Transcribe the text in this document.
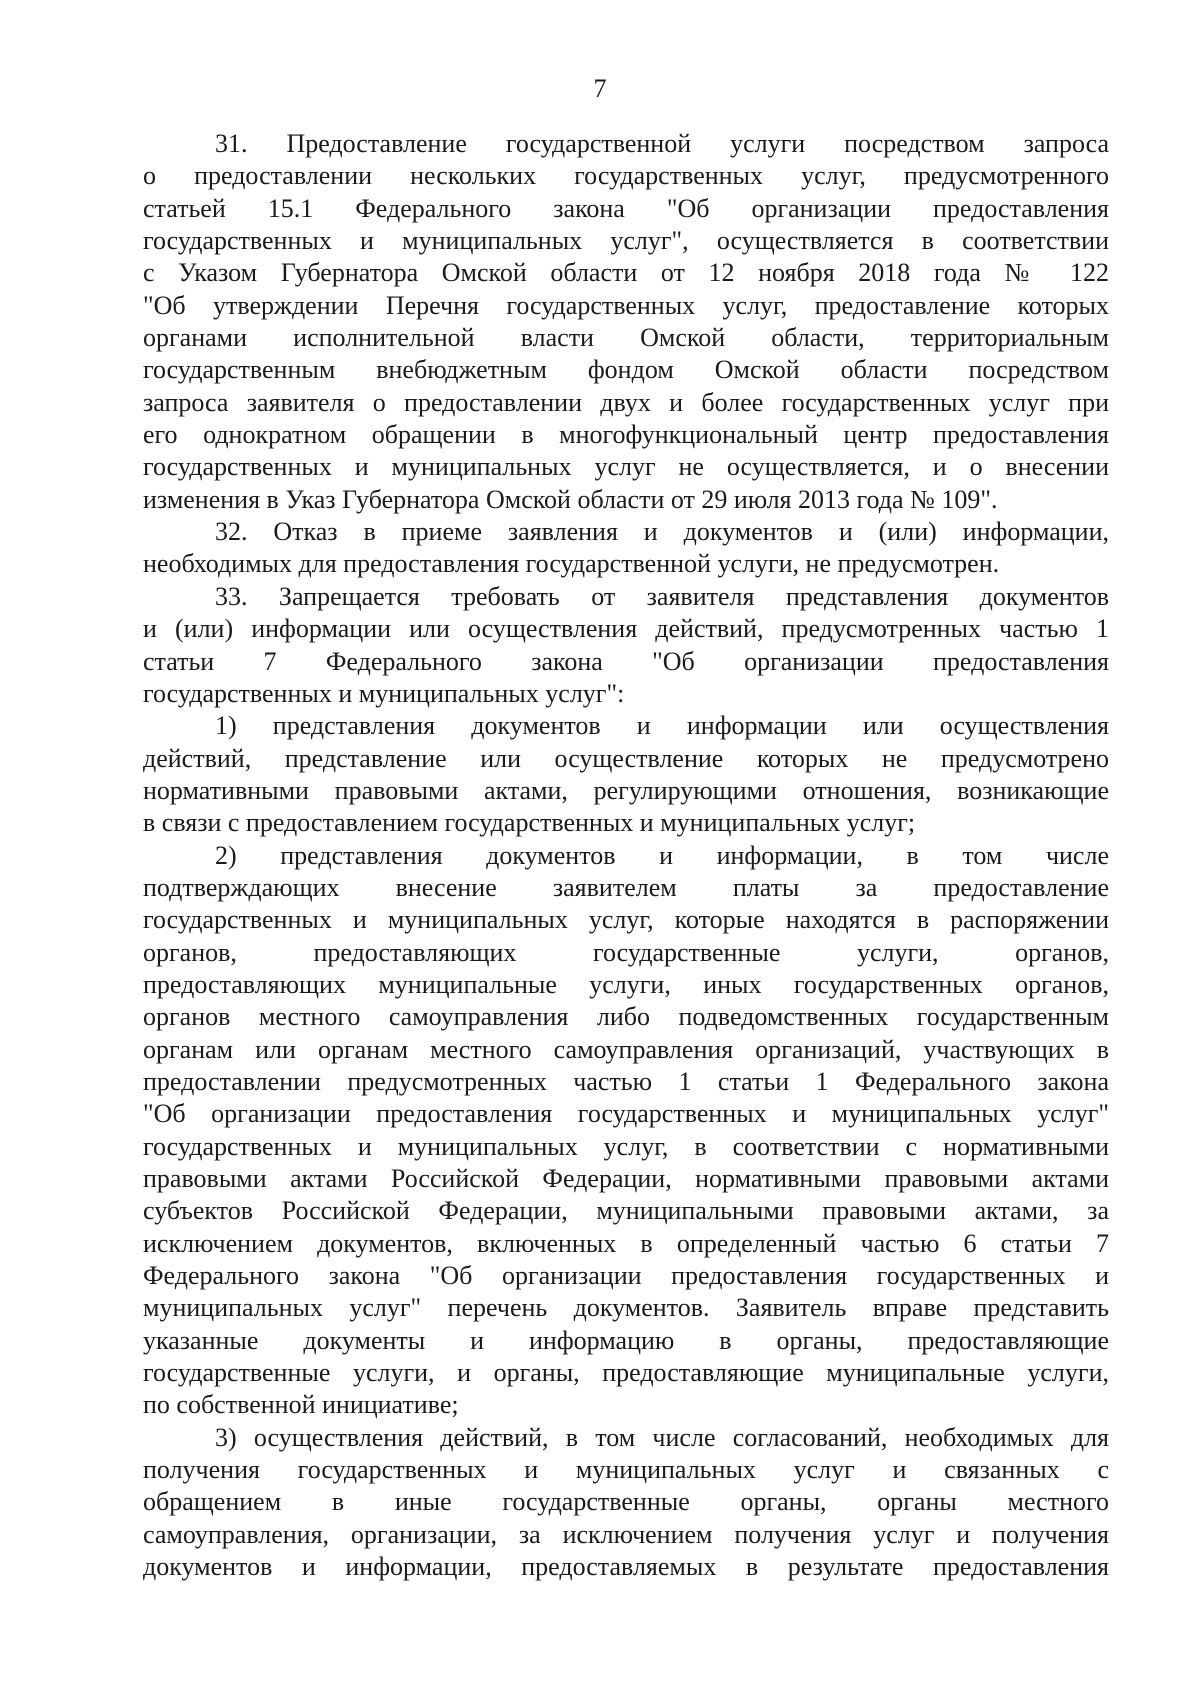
7
31. Предоставление государственной услуги посредством запроса
о предоставлении нескольких государственных услуг, предусмотренного
статьей 15.1 Федерального закона "Об организации предоставления
государственных и муниципальных услуг", осуществляется в соответствии
с Указом Губернатора Омской области от 12 ноября 2018 года № 122
"Об утверждении Перечня государственных услуг, предоставление которых
органами исполнительной власти Омской области, территориальным
государственным внебюджетным фондом Омской области посредством
запроса заявителя о предоставлении двух и более государственных услуг при
его однократном обращении в многофункциональный центр предоставления
государственных и муниципальных услуг не осуществляется, и о внесении
изменения в Указ Губернатора Омской области от 29 июля 2013 года № 109".
32. Отказ в приеме заявления и документов и (или) информации,
необходимых для предоставления государственной услуги, не предусмотрен.
33. Запрещается требовать от заявителя представления документов
и (или) информации или осуществления действий, предусмотренных частью 1
статьи 7 Федерального закона "Об организации предоставления
государственных и муниципальных услуг":
1) представления документов и информации или осуществления
действий, представление или осуществление которых не предусмотрено
нормативными правовыми актами, регулирующими отношения, возникающие
в связи с предоставлением государственных и муниципальных услуг;
2) представления документов и информации, в том числе
подтверждающих внесение заявителем платы за предоставление
государственных и муниципальных услуг, которые находятся в распоряжении
органов, предоставляющих государственные услуги, органов,
предоставляющих муниципальные услуги, иных государственных органов,
органов местного самоуправления либо подведомственных государственным
органам или органам местного самоуправления организаций, участвующих в
предоставлении предусмотренных частью 1 статьи 1 Федерального закона
"Об организации предоставления государственных и муниципальных услуг"
государственных и муниципальных услуг, в соответствии с нормативными
правовыми актами Российской Федерации, нормативными правовыми актами
субъектов Российской Федерации, муниципальными правовыми актами, за
исключением документов, включенных в определенный частью 6 статьи 7
Федерального закона "Об организации предоставления государственных и
муниципальных услуг" перечень документов. Заявитель вправе представить
указанные документы и информацию в органы, предоставляющие
государственные услуги, и органы, предоставляющие муниципальные услуги,
по собственной инициативе;
3) осуществления действий, в том числе согласований, необходимых для
получения государственных и муниципальных услуг и связанных с
обращением в иные государственные органы, органы местного
самоуправления, организации, за исключением получения услуг и получения
документов и информации, предоставляемых в результате предоставления
